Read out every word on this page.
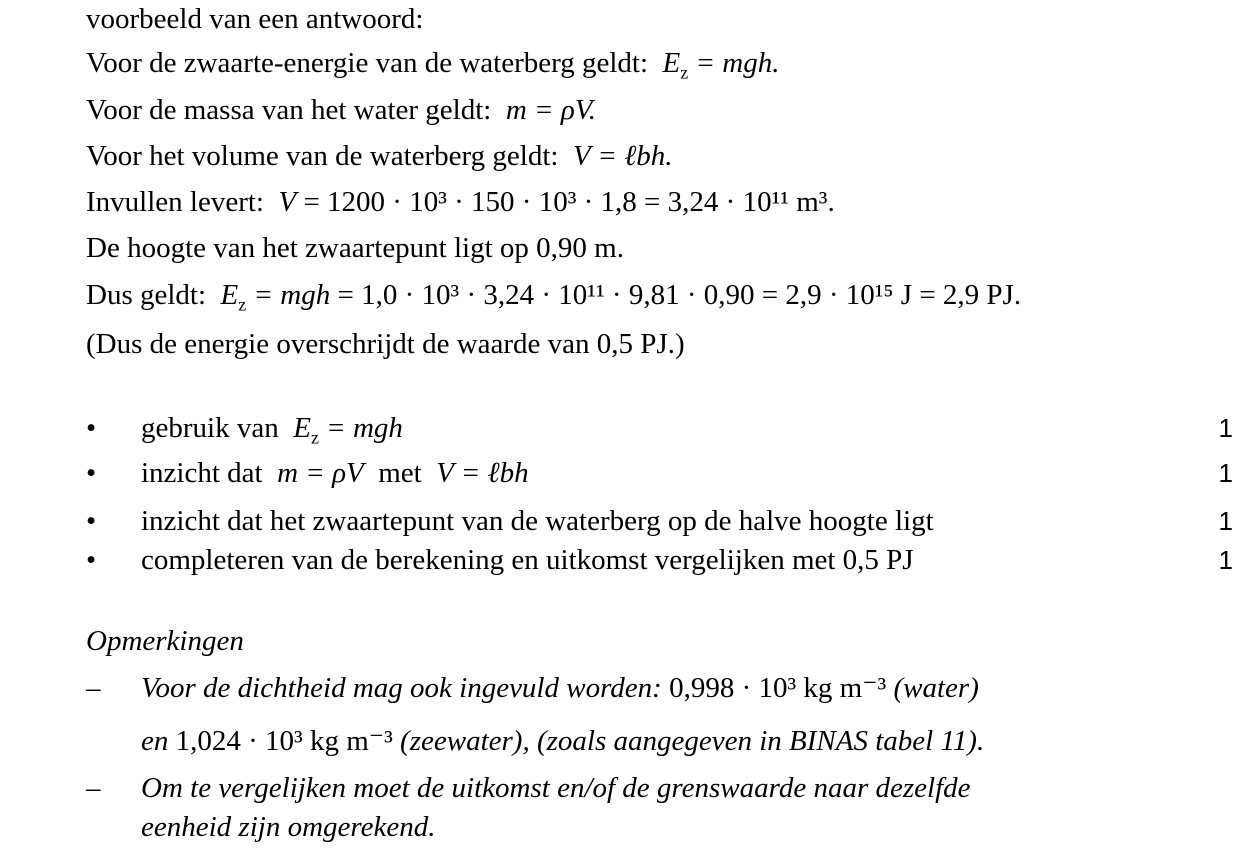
voorbeeld van een antwoord:
Voor de zwaarte-energie van de waterberg geldt:  $E_z$ = mgh.
Voor de massa van het water geldt:  m = ρV.
Voor het volume van de waterberg geldt:  V = ℓbh.
Invullen levert:  V = 1200 · 10³ · 150 · 10³ · 1,8 = 3,24 · 10¹¹ m³.
De hoogte van het zwaartepunt ligt op 0,90 m.
Dus geldt:  $E_z$ = mgh = 1,0 · 10³ · 3,24 · 10¹¹ · 9,81 · 0,90 = 2,9 · 10¹⁵ J = 2,9 PJ.
(Dus de energie overschrijdt de waarde van 0,5 PJ.)
• gebruik van  $E_z$ = mgh	1
• inzicht dat  m = ρV  met  V = ℓbh	1
• inzicht dat het zwaartepunt van de waterberg op de halve hoogte ligt	1
• completeren van de berekening en uitkomst vergelijken met 0,5 PJ	1
Opmerkingen
– Voor de dichtheid mag ook ingevuld worden: 0,998 · 10³ kg m⁻³ (water)
en 1,024 · 10³ kg m⁻³ (zeewater), (zoals aangegeven in BINAS tabel 11).
– Om te vergelijken moet de uitkomst en/of de grenswaarde naar dezelfde
eenheid zijn omgerekend.
